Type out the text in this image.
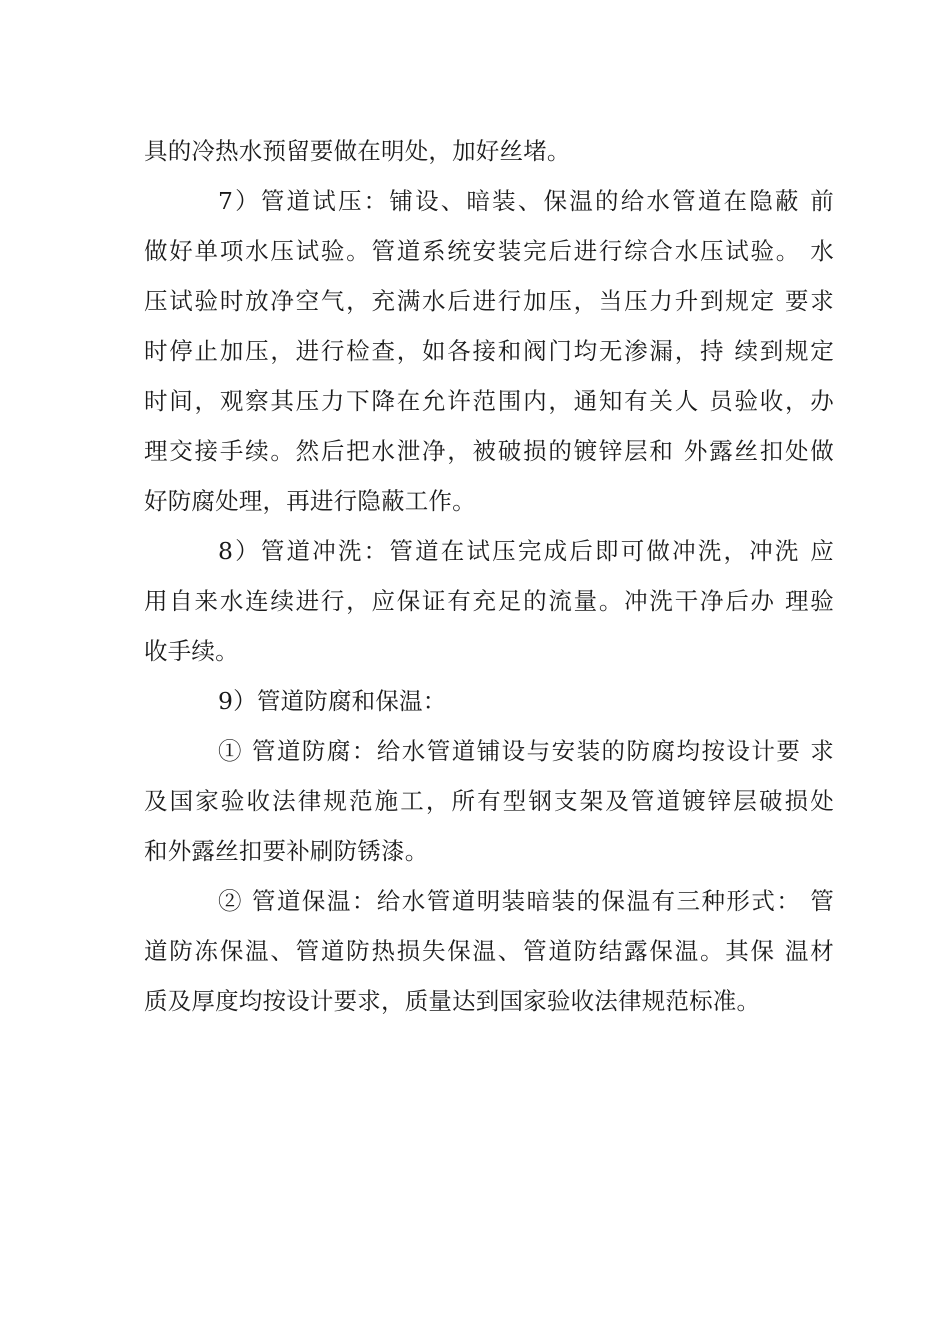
具的冷热水预留要做在明处，加好丝堵。
7）管道试压：铺设、暗装、保温的给水管道在隐蔽 前
做好单项水压试验。管道系统安装完后进行综合水压试验。 水
压试验时放净空气，充满水后进行加压，当压力升到规定 要求
时停止加压，进行检查，如各接和阀门均无渗漏，持 续到规定
时间，观察其压力下降在允许范围内，通知有关人 员验收，办
理交接手续。然后把水泄净，被破损的镀锌层和 外露丝扣处做
好防腐处理，再进行隐蔽工作。
8）管道冲洗：管道在试压完成后即可做冲洗，冲洗 应
用自来水连续进行，应保证有充足的流量。冲洗干净后办 理验
收手续。
9）管道防腐和保温：
① 管道防腐：给水管道铺设与安装的防腐均按设计要 求
及国家验收法律规范施工，所有型钢支架及管道镀锌层破损处
和外露丝扣要补刷防锈漆。
② 管道保温：给水管道明装暗装的保温有三种形式： 管
道防冻保温、管道防热损失保温、管道防结露保温。其保 温材
质及厚度均按设计要求，质量达到国家验收法律规范标准。
